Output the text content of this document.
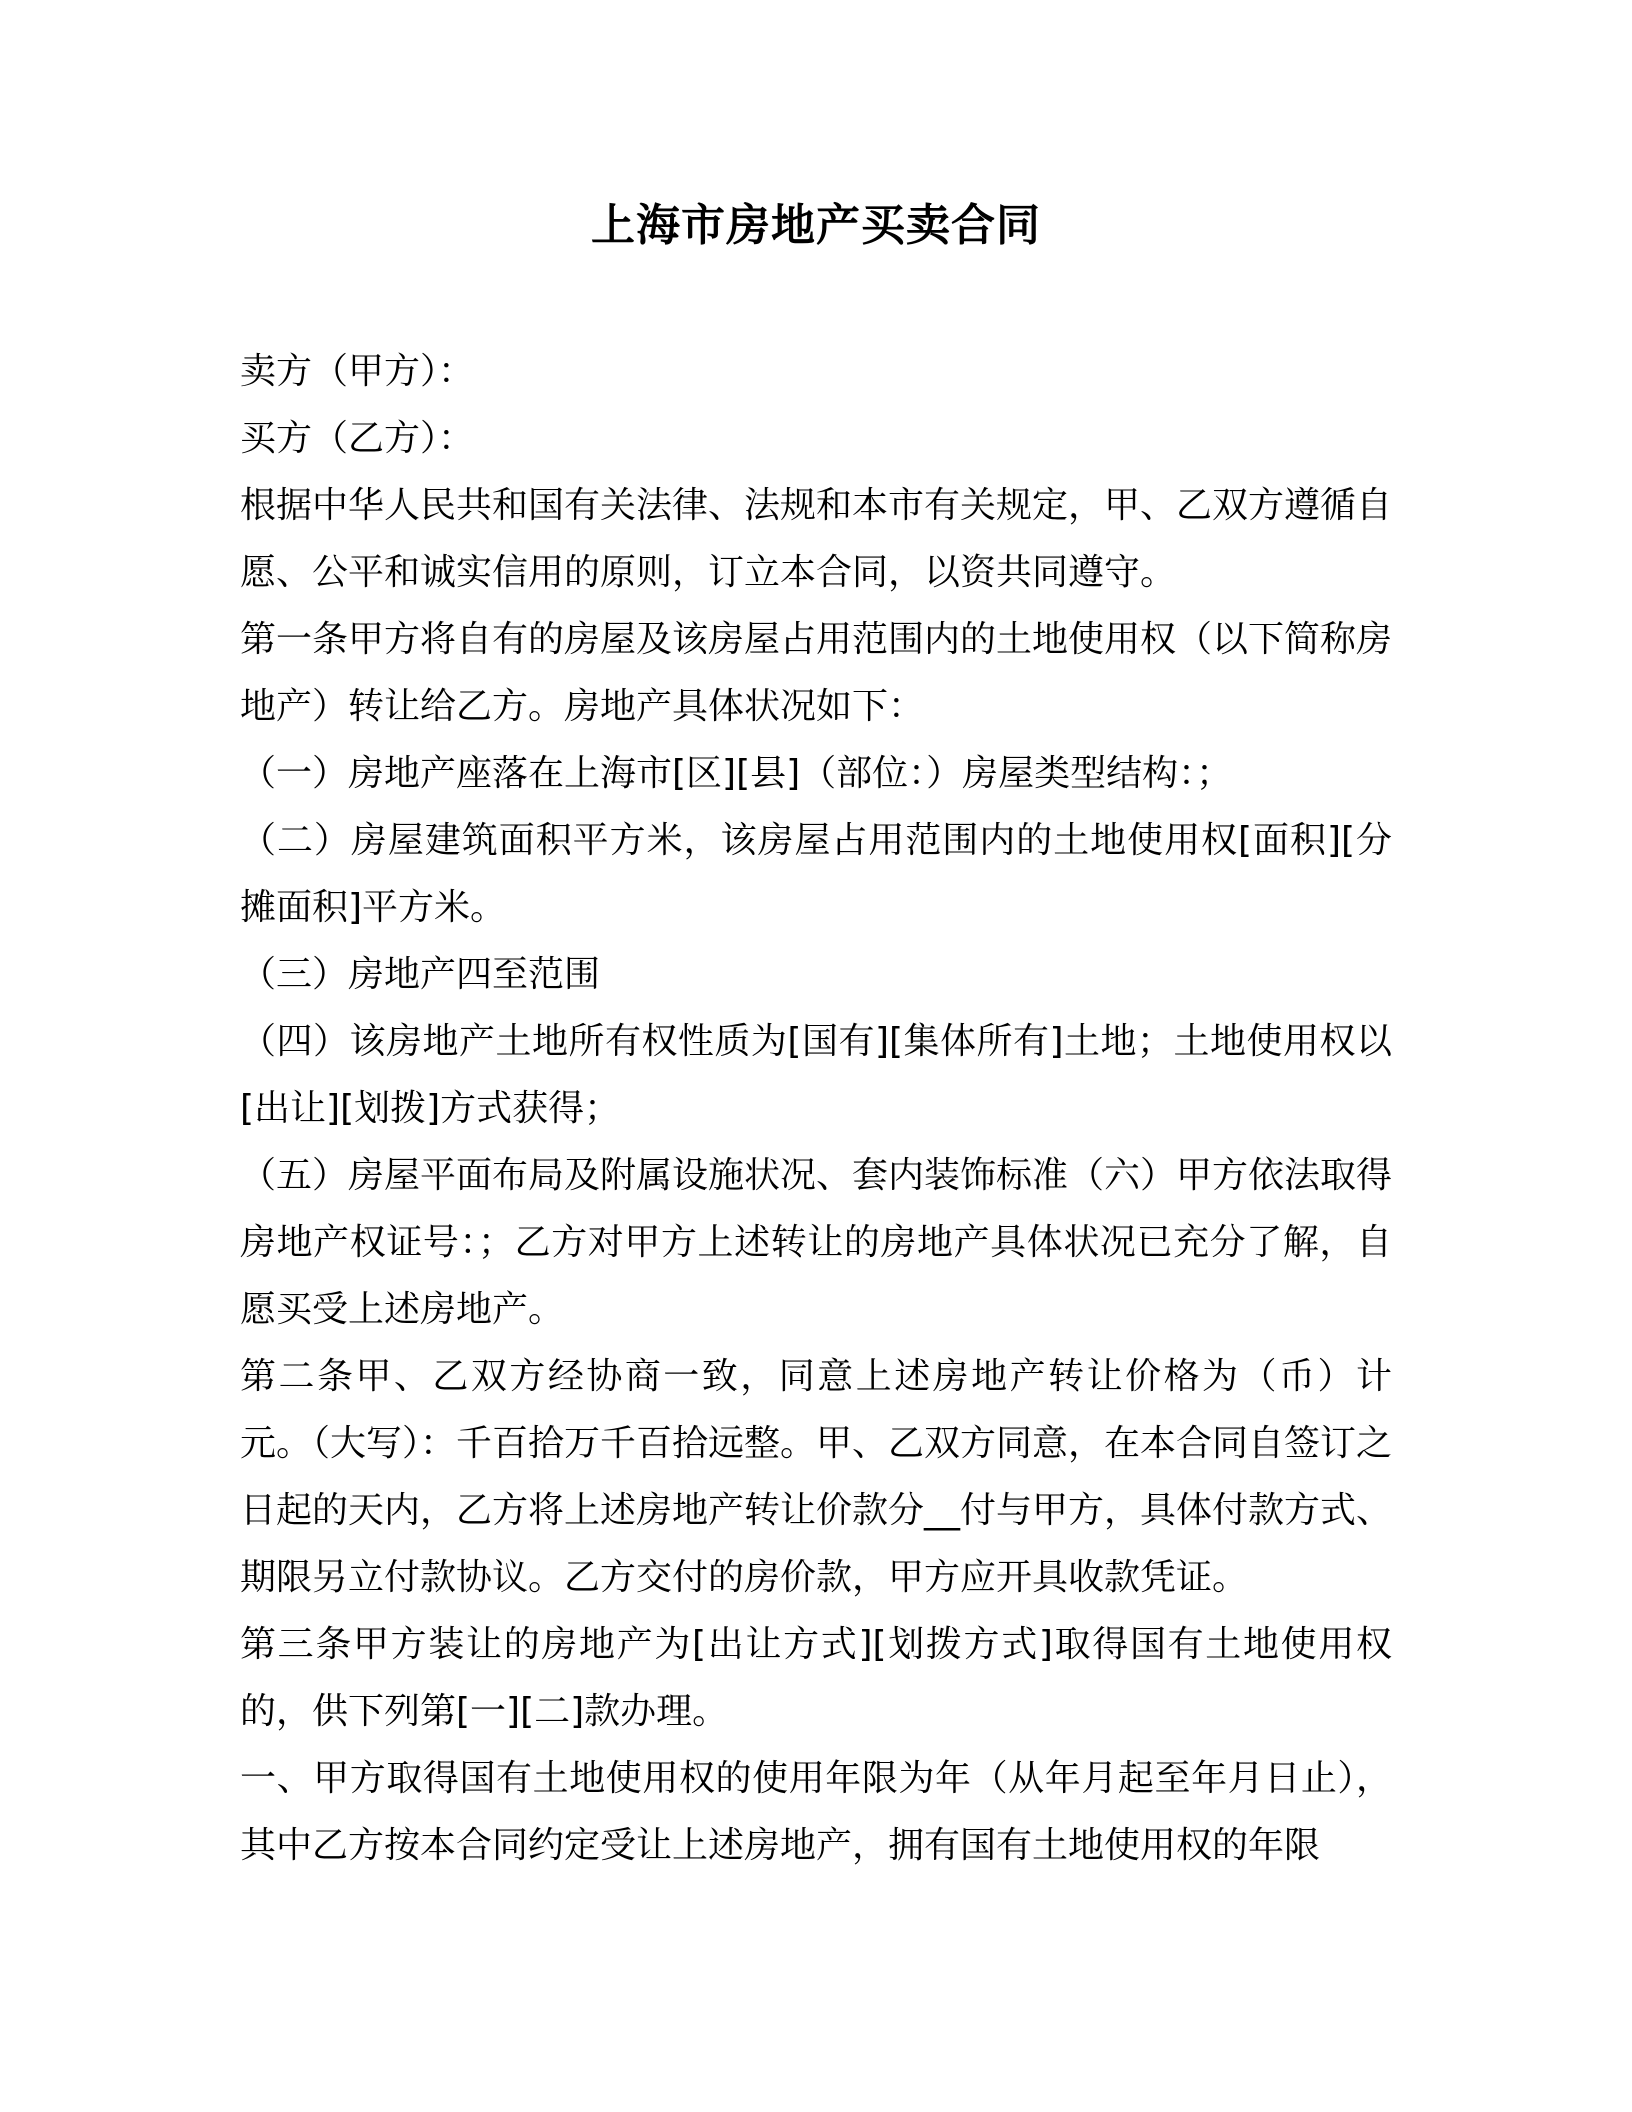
上海市房地产买卖合同

卖方（甲方）：

买方（乙方）：

根据中华人民共和国有关法律、法规和本市有关规定，甲、乙双方遵循自愿、公平和诚实信用的原则，订立本合同，以资共同遵守。

第一条甲方将自有的房屋及该房屋占用范围内的土地使用权（以下简称房地产）转让给乙方。房地产具体状况如下：

（一）房地产座落在上海市[区][县]（部位：）房屋类型结构：；

（二）房屋建筑面积平方米，该房屋占用范围内的土地使用权[面积][分摊面积]平方米。

（三）房地产四至范围

（四）该房地产土地所有权性质为[国有][集体所有]土地；土地使用权以[出让][划拨]方式获得；

（五）房屋平面布局及附属设施状况、套内装饰标准（六）甲方依法取得房地产权证号：；乙方对甲方上述转让的房地产具体状况已充分了解，自愿买受上述房地产。

第二条甲、乙双方经协商一致，同意上述房地产转让价格为（币）计元。（大写）：千百拾万千百拾远整。甲、乙双方同意，在本合同自签订之日起的天内，乙方将上述房地产转让价款分__付与甲方，具体付款方式、期限另立付款协议。乙方交付的房价款，甲方应开具收款凭证。

第三条甲方装让的房地产为[出让方式][划拨方式]取得国有土地使用权的，供下列第[一][二]款办理。

一、甲方取得国有土地使用权的使用年限为年（从年月起至年月日止），其中乙方按本合同约定受让上述房地产，拥有国有土地使用权的年限
